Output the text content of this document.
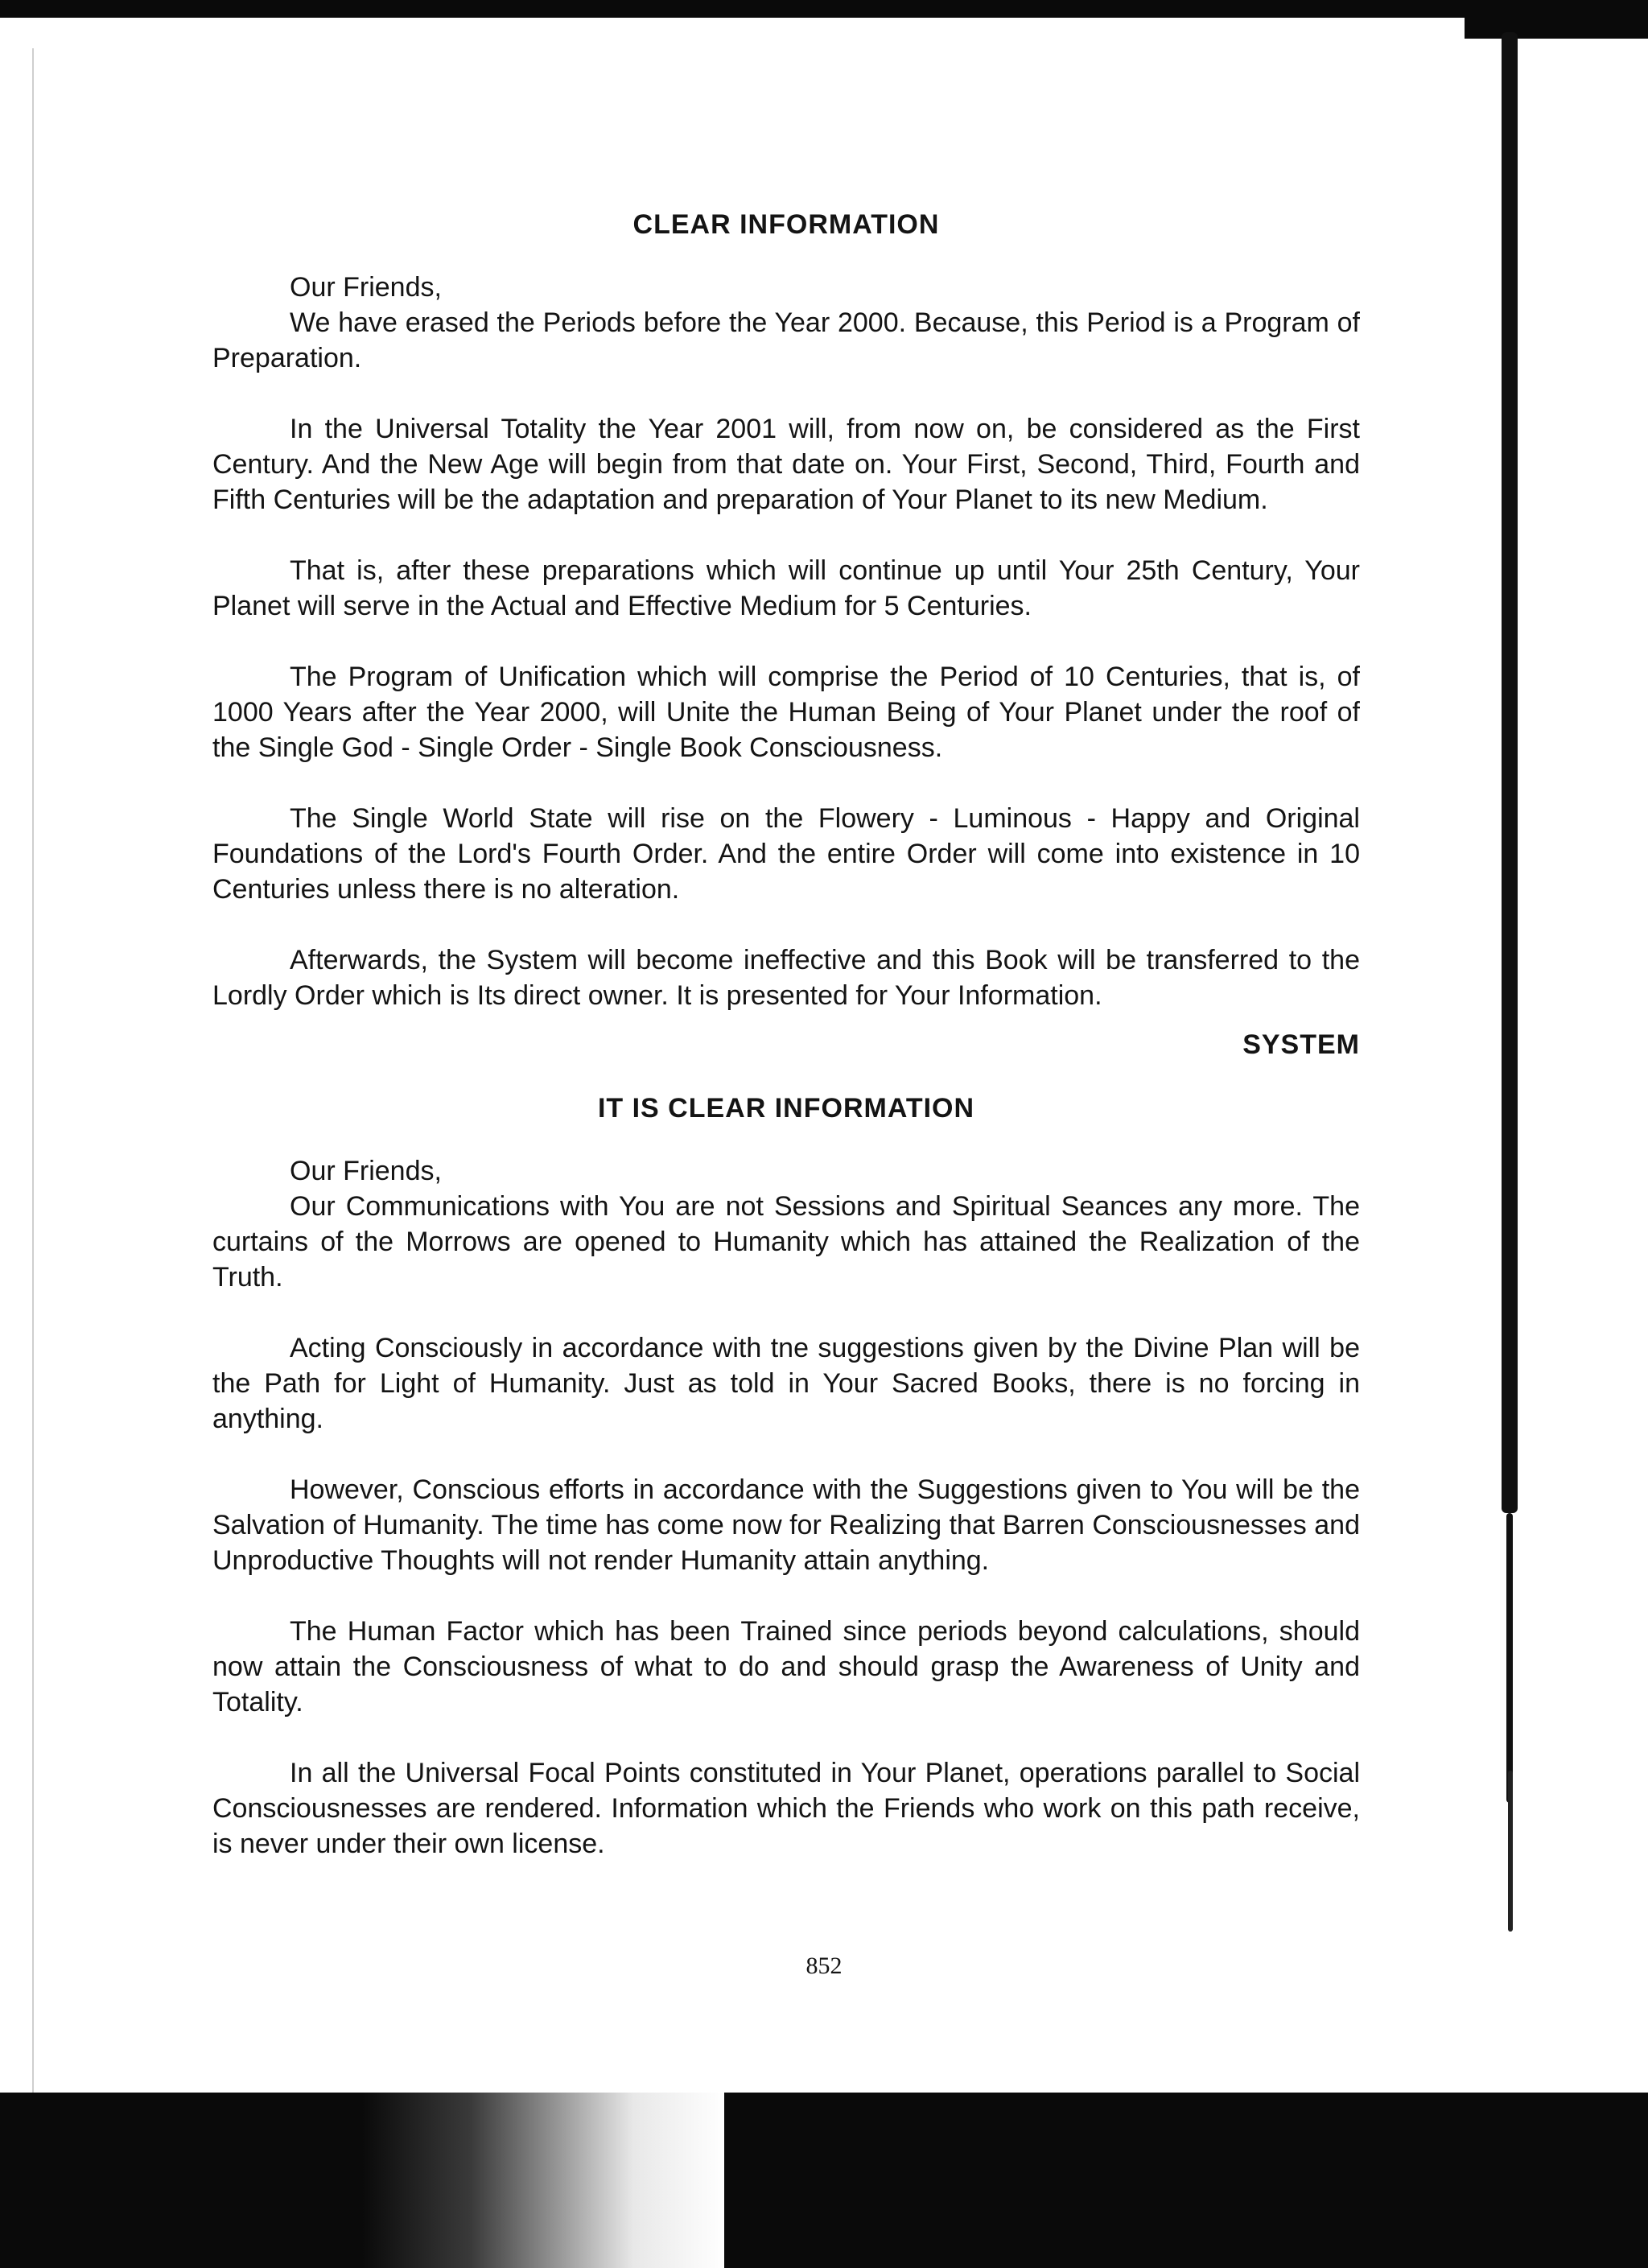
CLEAR INFORMATION

Our Friends,

We have erased the Periods before the Year 2000. Because, this Period is a Program of Preparation.

In the Universal Totality the Year 2001 will, from now on, be considered as the First Century. And the New Age will begin from that date on. Your First, Second, Third, Fourth and Fifth Centuries will be the adaptation and preparation of Your Planet to its new Medium.

That is, after these preparations which will continue up until Your 25th Century, Your Planet will serve in the Actual and Effective Medium for 5 Centuries.

The Program of Unification which will comprise the Period of 10 Centuries, that is, of 1000 Years after the Year 2000, will Unite the Human Being of Your Planet under the roof of the Single God - Single Order - Single Book Consciousness.

The Single World State will rise on the Flowery - Luminous - Happy and Original Foundations of the Lord's Fourth Order. And the entire Order will come into existence in 10 Centuries unless there is no alteration.

Afterwards, the System will become ineffective and this Book will be transferred to the Lordly Order which is Its direct owner. It is presented for Your Information.

SYSTEM
IT IS CLEAR INFORMATION

Our Friends,

Our Communications with You are not Sessions and Spiritual Seances any more. The curtains of the Morrows are opened to Humanity which has attained the Realization of the Truth.

Acting Consciously in accordance with tne suggestions given by the Divine Plan will be the Path for Light of Humanity. Just as told in Your Sacred Books, there is no forcing in anything.

However, Conscious efforts in accordance with the Suggestions given to You will be the Salvation of Humanity. The time has come now for Realizing that Barren Consciousnesses and Unproductive Thoughts will not render Humanity attain anything.

The Human Factor which has been Trained since periods beyond calculations, should now attain the Consciousness of what to do and should grasp the Awareness of Unity and Totality.

In all the Universal Focal Points constituted in Your Planet, operations parallel to Social Consciousnesses are rendered. Information which the Friends who work on this path receive, is never under their own license.

852
